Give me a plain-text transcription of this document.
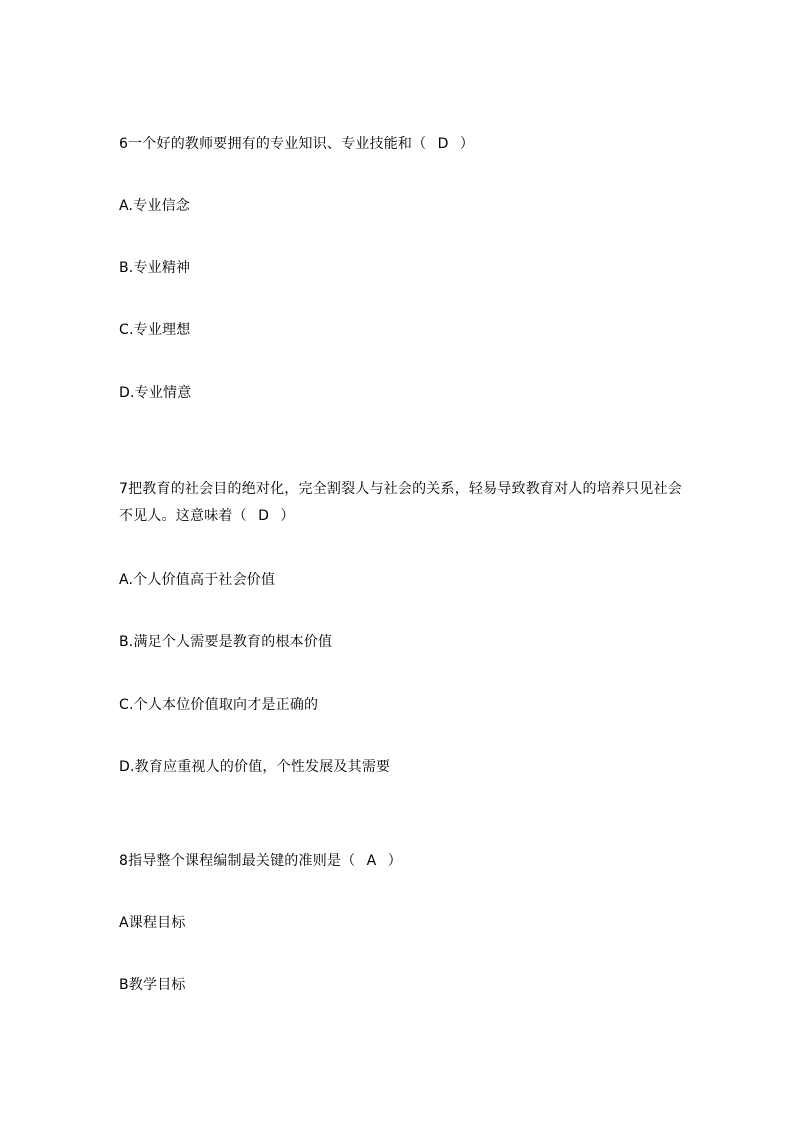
6一个好的教师要拥有的专业知识、专业技能和（ D ）
A.专业信念
B.专业精神
C.专业理想
D.专业情意
7把教育的社会目的绝对化，完全割裂人与社会的关系，轻易导致教育对人的培养只见社会不见人。这意味着（ D ）
A.个人价值高于社会价值
B.满足个人需要是教育的根本价值
C.个人本位价值取向才是正确的
D.教育应重视人的价值，个性发展及其需要
8指导整个课程编制最关键的准则是（ A ）
A课程目标
B教学目标
